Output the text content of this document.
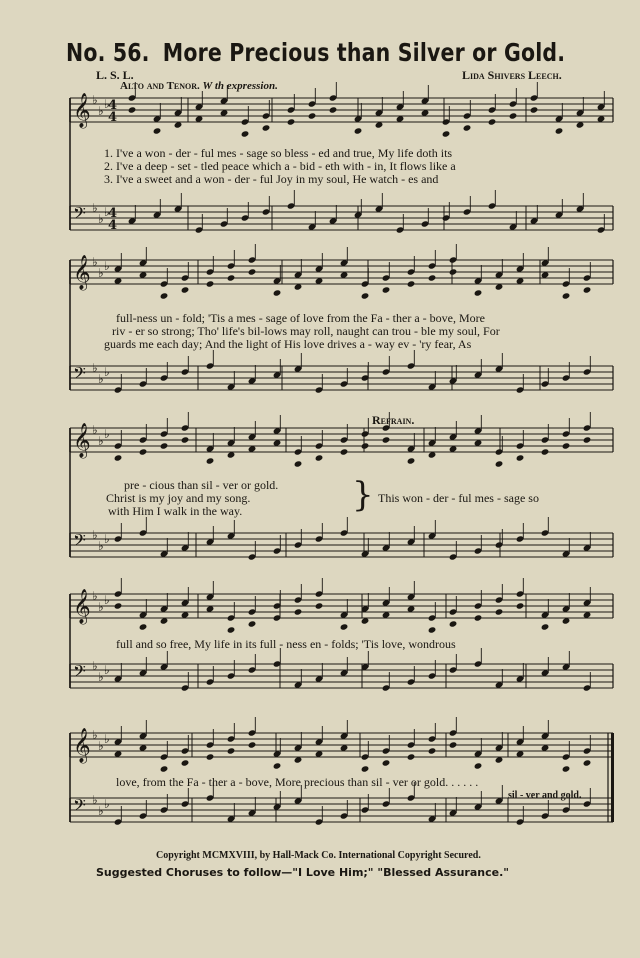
No. 56. More Precious than Silver or Gold.
L. S. L.	Lida Shivers Leech.
Alto and Tenor. W th expression.
𝄞 ♭
♭ ♭
𝄢 ♭
♭ ♭
𝄞 ♭
♭ ♭
𝄢 ♭
♭ ♭
𝄞 ♭
♭ ♭
𝄢 ♭
♭ ♭
𝄞 ♭
♭ ♭
𝄢 ♭
♭ ♭
𝄞 ♭
♭ ♭
𝄢 ♭
♭ ♭
4
4
4
4
}
1. I've a won - der - ful mes - sage so bless - ed and true, My life doth its
2. I've a deep - set - tled peace which a - bid - eth with - in, It flows like a
3. I've a sweet and a won - der - ful Joy in my soul, He watch - es and
full-ness un - fold; 'Tis a mes - sage of love from the Fa - ther a - bove, More
riv - er so strong; Tho' life's bil-lows may roll, naught can trou - ble my soul, For
guards me each day; And the light of His love drives a - way ev - 'ry fear, As
Refrain.
pre - cious than sil - ver or gold.
Christ is my joy and my song.
with Him I walk in the way.
This won - der - ful mes - sage so
full and so free, My life in its full - ness en - folds; 'Tis love, wondrous
love, from the Fa - ther a - bove, More precious than sil - ver or gold. . . . . .
sil - ver and gold.
Copyright MCMXVIII, by Hall-Mack Co. International Copyright Secured.
Suggested Choruses to follow—"I Love Him;" "Blessed Assurance."
